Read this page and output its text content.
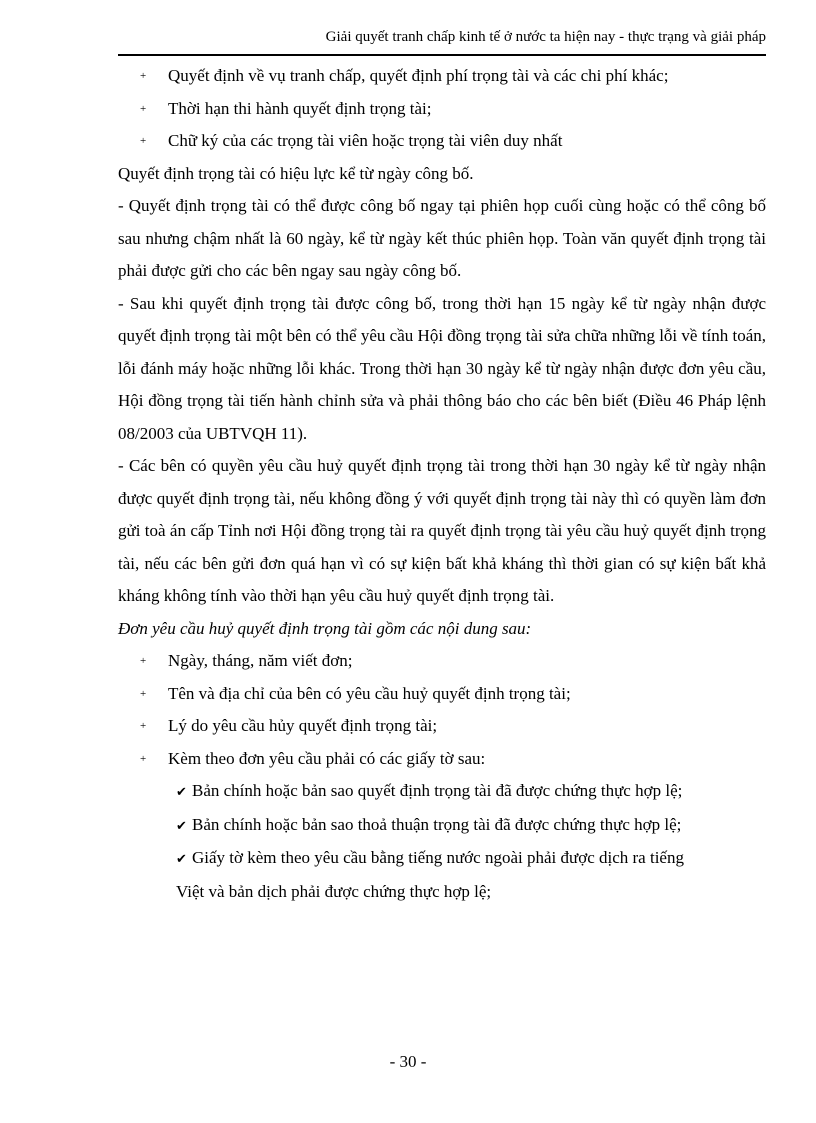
Giải quyết tranh chấp kinh tế ở nước ta hiện nay - thực trạng và giải pháp
+ Quyết định về vụ tranh chấp, quyết định phí trọng tài và các chi phí khác;
+ Thời hạn thi hành quyết định trọng tài;
+ Chữ ký của các trọng tài viên hoặc trọng tài viên duy nhất
Quyết định trọng tài có hiệu lực kể từ ngày công bố.
- Quyết định trọng tài có thể được công bố ngay tại phiên họp cuối cùng hoặc có thể công bố sau nhưng chậm nhất là 60 ngày, kể từ ngày kết thúc phiên họp. Toàn văn quyết định trọng tài phải được gửi cho các bên ngay sau ngày công bố.
- Sau khi quyết định trọng tài được công bố, trong thời hạn 15 ngày kể từ ngày nhận được quyết định trọng tài một bên có thể yêu cầu Hội đồng trọng tài sửa chữa những lỗi về tính toán, lỗi đánh máy hoặc những lỗi khác. Trong thời hạn 30 ngày kể từ ngày nhận được đơn yêu cầu, Hội đồng trọng tài tiến hành chỉnh sửa và phải thông báo cho các bên biết (Điều 46 Pháp lệnh 08/2003 của UBTVQH 11).
- Các bên có quyền yêu cầu huỷ quyết định trọng tài trong thời hạn 30 ngày kể từ ngày nhận được quyết định trọng tài, nếu không đồng ý với quyết định trọng tài này thì có quyền làm đơn gửi toà án cấp Tỉnh nơi Hội đồng trọng tài ra quyết định trọng tài yêu cầu huỷ quyết định trọng tài, nếu các bên gửi đơn quá hạn vì có sự kiện bất khả kháng thì thời gian có sự kiện bất khả kháng không tính vào thời hạn yêu cầu huỷ quyết định trọng tài.
Đơn yêu cầu huỷ quyết định trọng tài gồm các nội dung sau:
+ Ngày, tháng, năm viết đơn;
+ Tên và địa chỉ của bên có yêu cầu huỷ quyết định trọng tài;
+ Lý do yêu cầu hủy quyết định trọng tài;
+ Kèm theo đơn yêu cầu phải có các giấy tờ sau:
✔ Bản chính hoặc bản sao quyết định trọng tài đã được chứng thực hợp lệ;
✔ Bản chính hoặc bản sao thoả thuận trọng tài đã được chứng thực hợp lệ;
✔ Giấy tờ kèm theo yêu cầu bằng tiếng nước ngoài phải được dịch ra tiếng
Việt và bản dịch phải được chứng thực hợp lệ;
- 30 -
